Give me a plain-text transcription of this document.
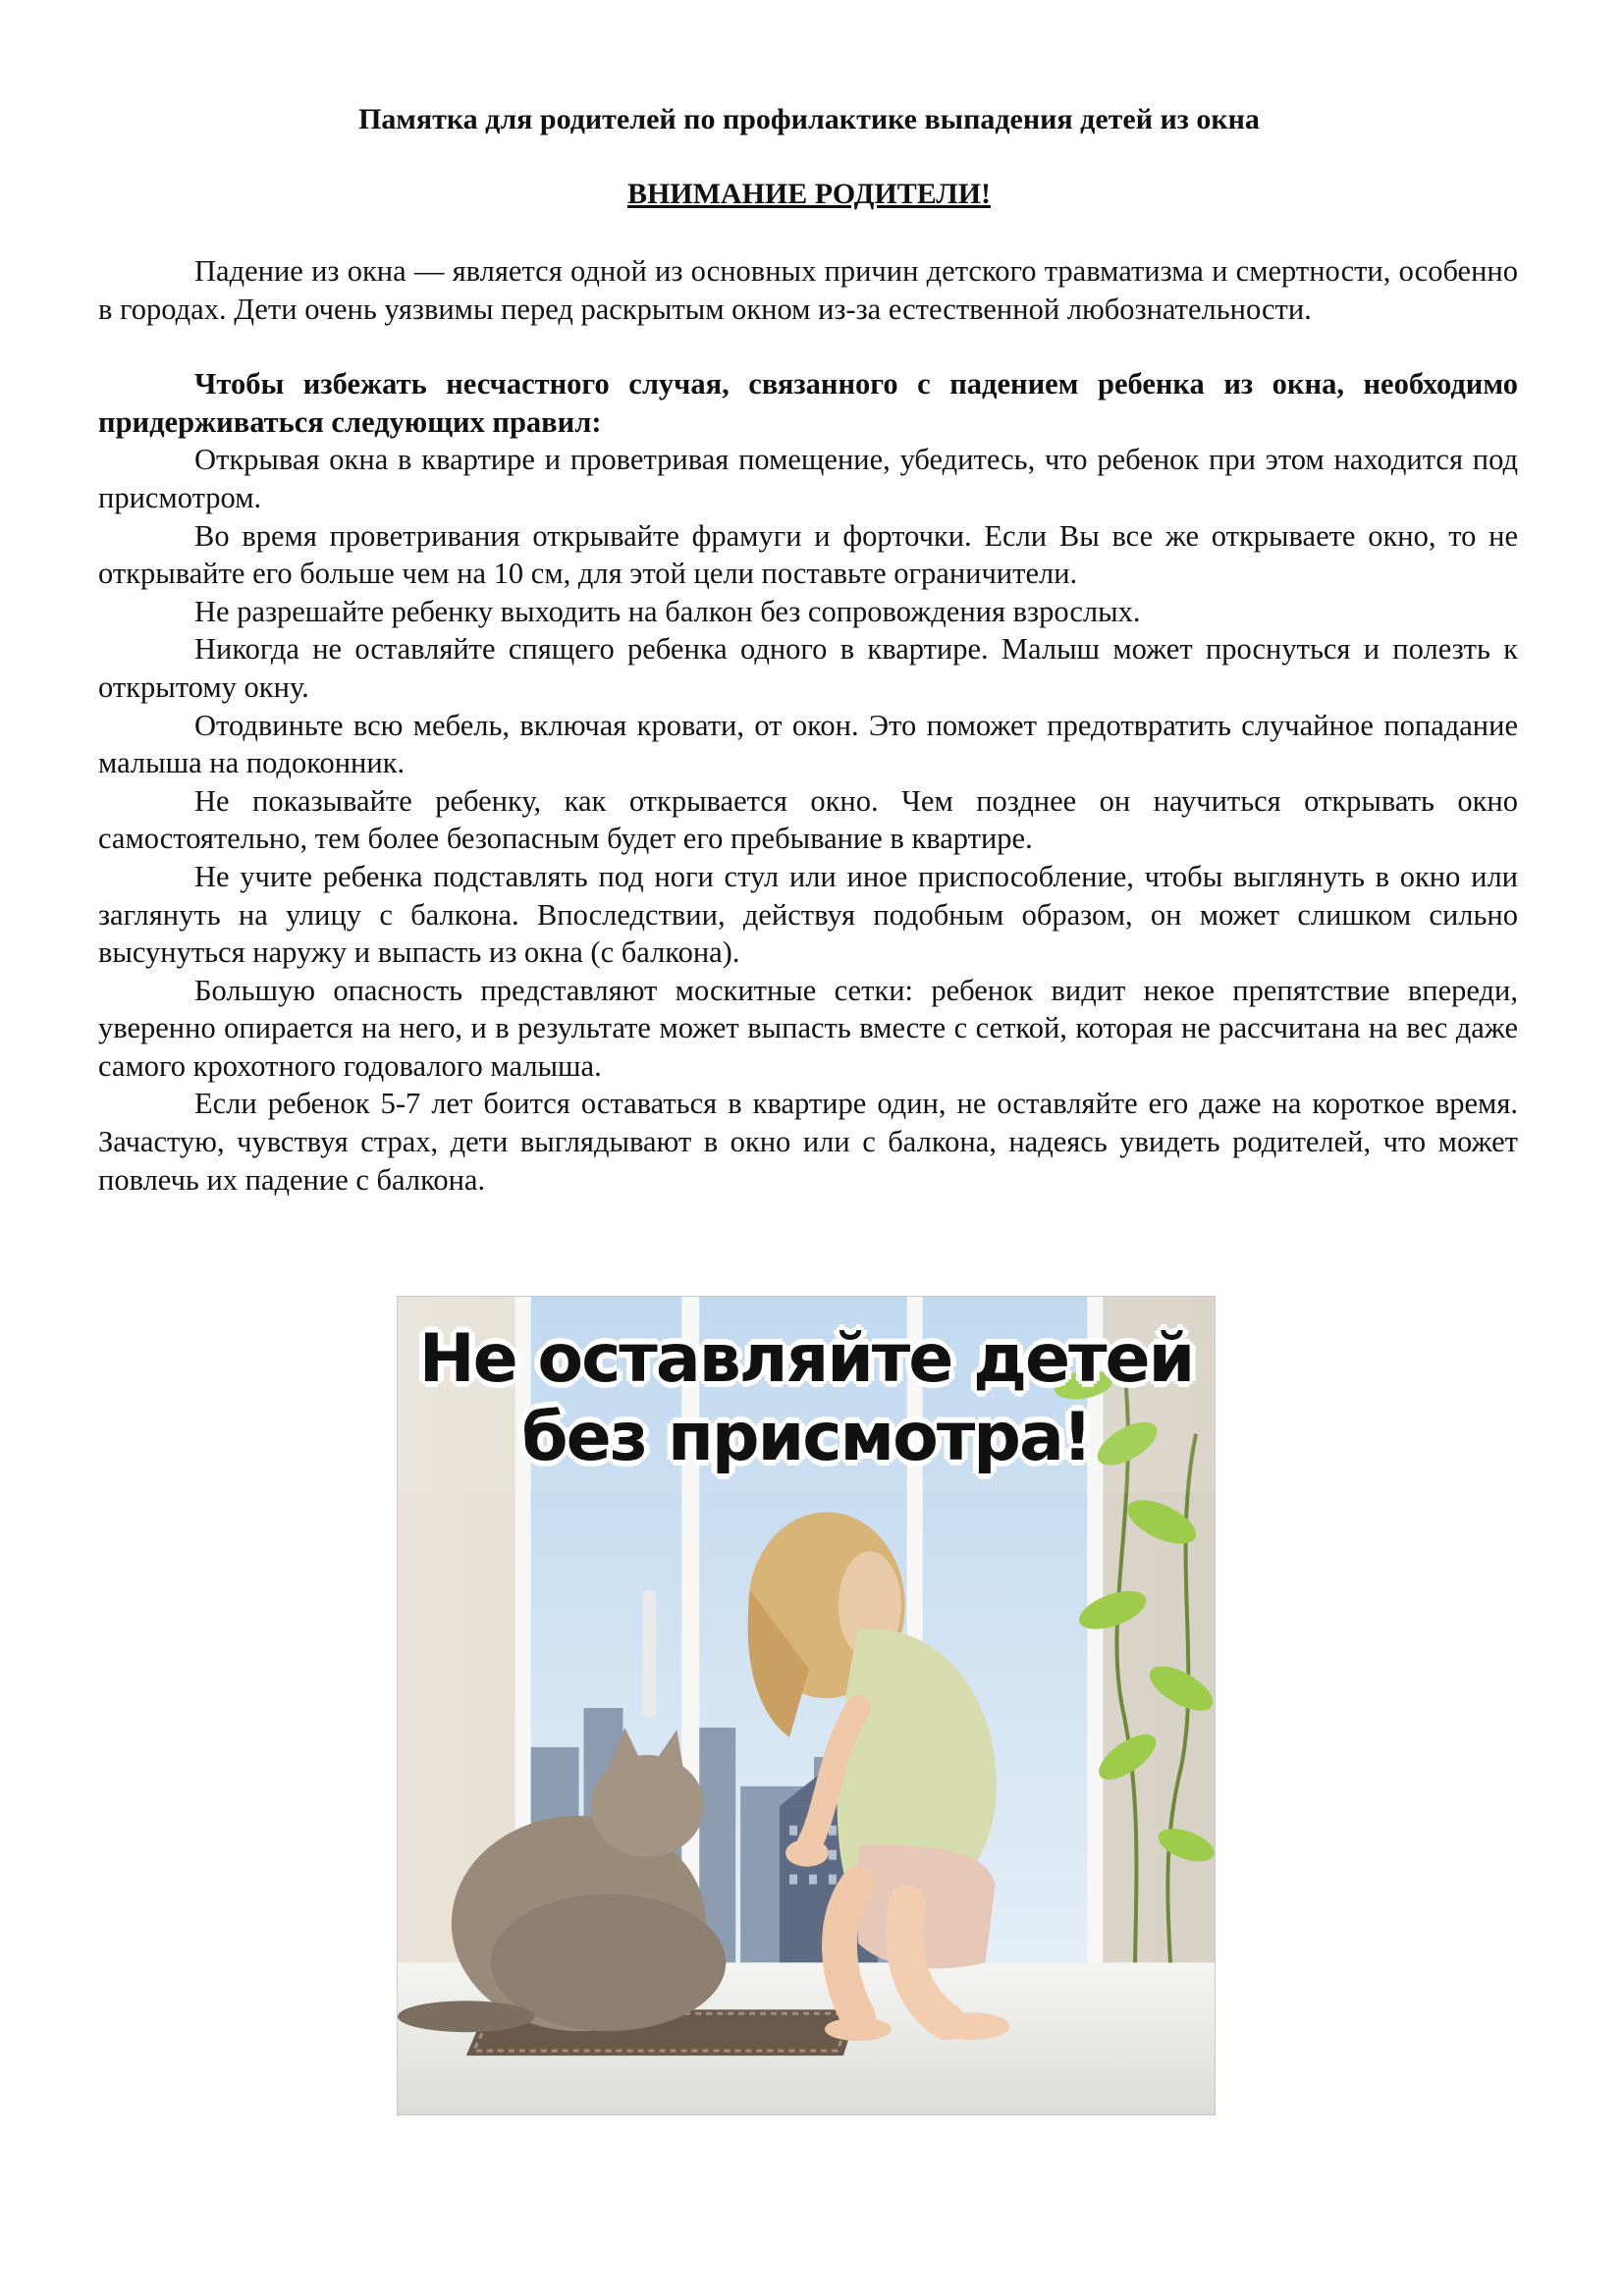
Памятка для родителей по профилактике выпадения детей из окна
ВНИМАНИЕ РОДИТЕЛИ!

Падение из окна — является одной из основных причин детского травматизма и смертности, особенно в городах. Дети очень уязвимы перед раскрытым окном из-за естественной любознательности.

Чтобы избежать несчастного случая, связанного с падением ребенка из окна, необходимо придерживаться следующих правил:

Открывая окна в квартире и проветривая помещение, убедитесь, что ребенок при этом находится под присмотром.

Во время проветривания открывайте фрамуги и форточки. Если Вы все же открываете окно, то не открывайте его больше чем на 10 см, для этой цели поставьте ограничители.

Не разрешайте ребенку выходить на балкон без сопровождения взрослых.

Никогда не оставляйте спящего ребенка одного в квартире. Малыш может проснуться и полезть к открытому окну.

Отодвиньте всю мебель, включая кровати, от окон. Это поможет предотвратить случайное попадание малыша на подоконник.

Не показывайте ребенку, как открывается окно. Чем позднее он научиться открывать окно самостоятельно, тем более безопасным будет его пребывание в квартире.

Не учите ребенка подставлять под ноги стул или иное приспособление, чтобы выглянуть в окно или заглянуть на улицу с балкона. Впоследствии, действуя подобным образом, он может слишком сильно высунуться наружу и выпасть из окна (с балкона).

Большую опасность представляют москитные сетки: ребенок видит некое препятствие впереди, уверенно опирается на него, и в результате может выпасть вместе с сеткой, которая не рассчитана на вес даже самого крохотного годовалого малыша.

Если ребенок 5-7 лет боится оставаться в квартире один, не оставляйте его даже на короткое время. Зачастую, чувствуя страх, дети выглядывают в окно или с балкона, надеясь увидеть родителей, что может повлечь их падение с балкона.

Не оставляйте детей
без присмотра!
